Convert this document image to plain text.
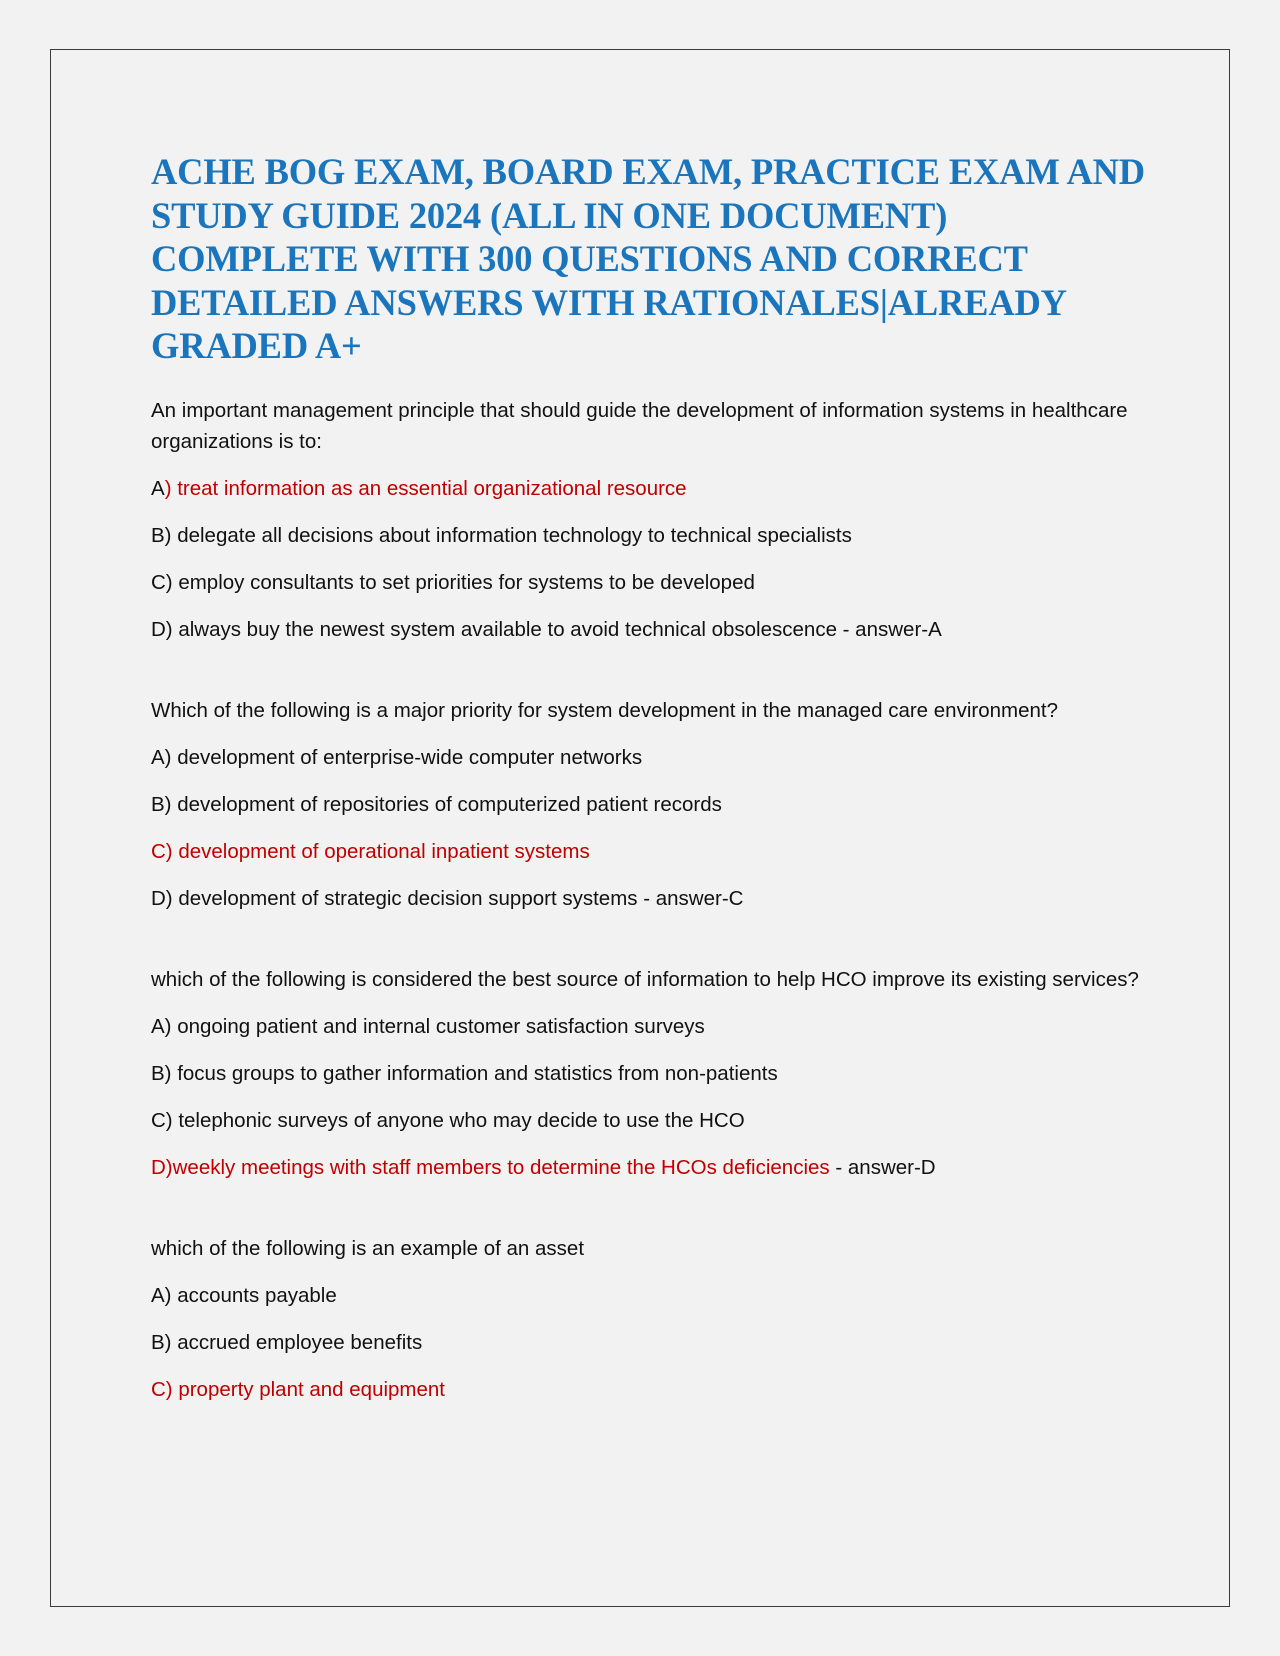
ACHE BOG EXAM, BOARD EXAM, PRACTICE EXAM AND STUDY GUIDE 2024 (ALL IN ONE DOCUMENT) COMPLETE WITH 300 QUESTIONS AND CORRECT DETAILED ANSWERS WITH RATIONALES|ALREADY GRADED A+

An important management principle that should guide the development of information systems in healthcare organizations is to:

A) treat information as an essential organizational resource

B) delegate all decisions about information technology to technical specialists

C) employ consultants to set priorities for systems to be developed

D) always buy the newest system available to avoid technical obsolescence - answer-A

Which of the following is a major priority for system development in the managed care environment?

A) development of enterprise-wide computer networks

B) development of repositories of computerized patient records

C) development of operational inpatient systems

D) development of strategic decision support systems - answer-C

which of the following is considered the best source of information to help HCO improve its existing services?

A) ongoing patient and internal customer satisfaction surveys

B) focus groups to gather information and statistics from non-patients

C) telephonic surveys of anyone who may decide to use the HCO

D)weekly meetings with staff members to determine the HCOs deficiencies - answer-D

which of the following is an example of an asset

A) accounts payable

B) accrued employee benefits

C) property plant and equipment
